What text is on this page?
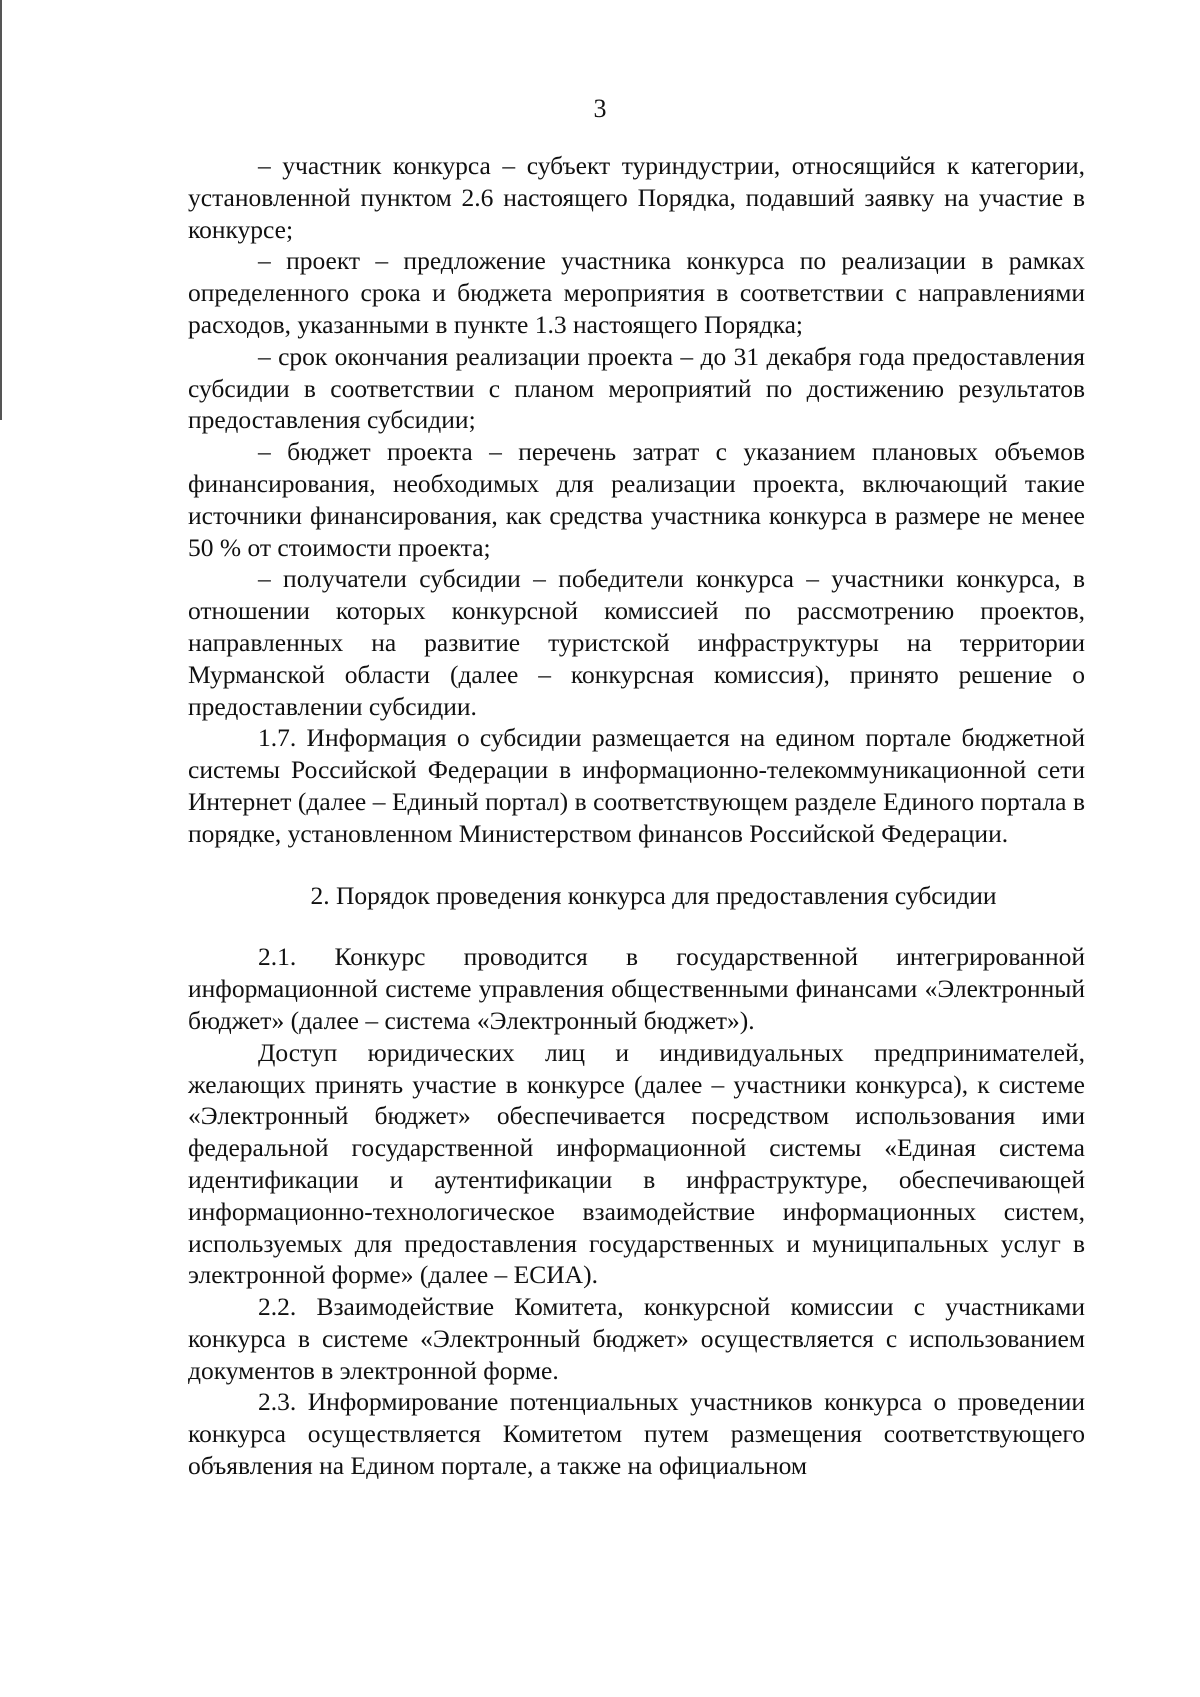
3

– участник конкурса – субъект туриндустрии, относящийся к категории, установленной пунктом 2.6 настоящего Порядка, подавший заявку на участие в конкурсе;

– проект – предложение участника конкурса по реализации в рамках определенного срока и бюджета мероприятия в соответствии с направлениями расходов, указанными в пункте 1.3 настоящего Порядка;

– срок окончания реализации проекта – до 31 декабря года предоставления субсидии в соответствии с планом мероприятий по достижению результатов предоставления субсидии;

– бюджет проекта – перечень затрат с указанием плановых объемов финансирования, необходимых для реализации проекта, включающий такие источники финансирования, как средства участника конкурса в размере не менее 50 % от стоимости проекта;

– получатели субсидии – победители конкурса – участники конкурса, в отношении которых конкурсной комиссией по рассмотрению проектов, направленных на развитие туристской инфраструктуры на территории Мурманской области (далее – конкурсная комиссия), принято решение о предоставлении субсидии.

1.7. Информация о субсидии размещается на едином портале бюджетной системы Российской Федерации в информационно-телекоммуникационной сети Интернет (далее – Единый портал) в соответствующем разделе Единого портала в порядке, установленном Министерством финансов Российской Федерации.

2. Порядок проведения конкурса для предоставления субсидии

2.1. Конкурс проводится в государственной интегрированной информационной системе управления общественными финансами «Электронный бюджет» (далее – система «Электронный бюджет»).

Доступ юридических лиц и индивидуальных предпринимателей, желающих принять участие в конкурсе (далее – участники конкурса), к системе «Электронный бюджет» обеспечивается посредством использования ими федеральной государственной информационной системы «Единая система идентификации и аутентификации в инфраструктуре, обеспечивающей информационно-технологическое взаимодействие информационных систем, используемых для предоставления государственных и муниципальных услуг в электронной форме» (далее – ЕСИА).

2.2. Взаимодействие Комитета, конкурсной комиссии с участниками конкурса в системе «Электронный бюджет» осуществляется с использованием документов в электронной форме.

2.3. Информирование потенциальных участников конкурса о проведении конкурса осуществляется Комитетом путем размещения соответствующего объявления на Едином портале, а также на официальном
